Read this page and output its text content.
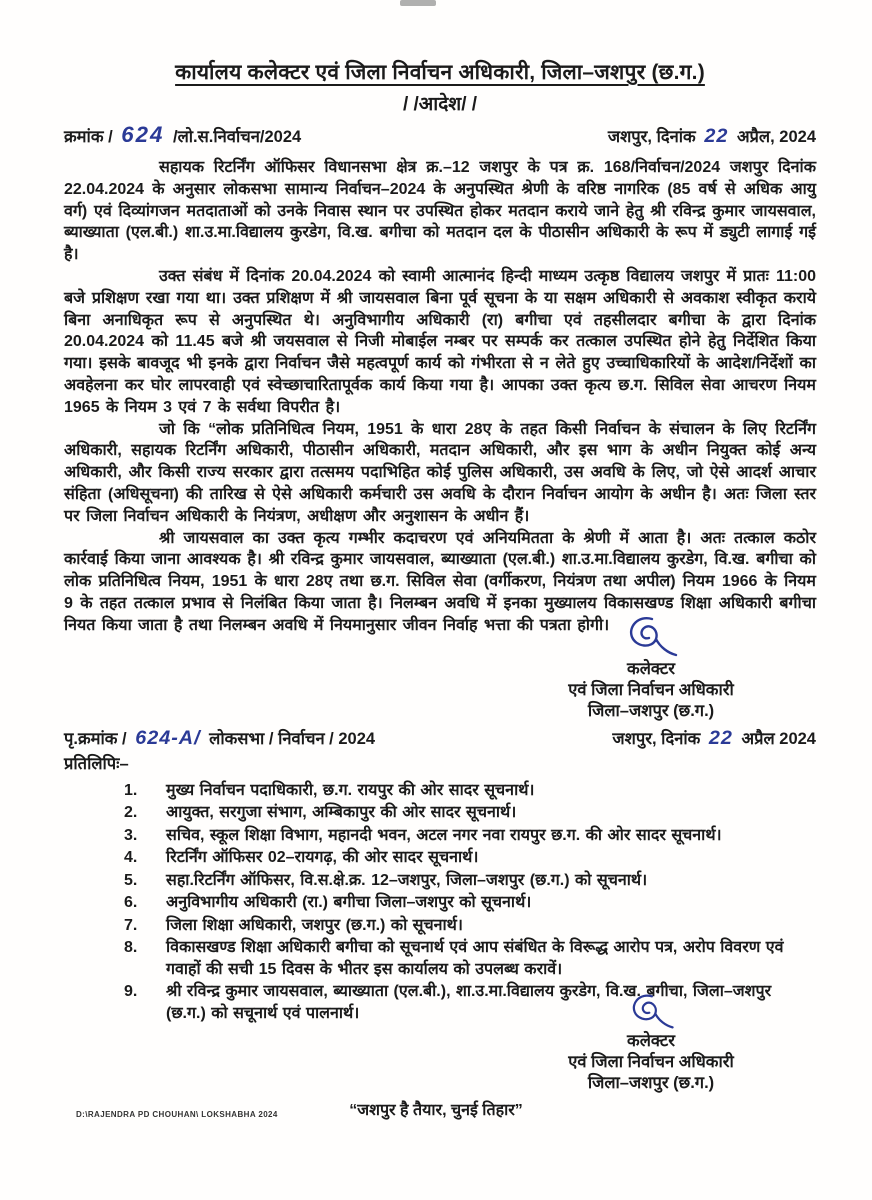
कार्यालय कलेक्टर एवं जिला निर्वाचन अधिकारी, जिला–जशपुर (छ.ग.)
/ /आदेश/ /
क्रमांक / 624 /लो.स.निर्वाचन/2024	जशपुर, दिनांक 22 अप्रैल, 2024

सहायक रिटर्निंग ऑफिसर विधानसभा क्षेत्र क्र.–12 जशपुर के पत्र क्र. 168/निर्वाचन/2024 जशपुर दिनांक 22.04.2024 के अनुसार लोकसभा सामान्य निर्वाचन–2024 के अनुपस्थित श्रेणी के वरिष्ठ नागरिक (85 वर्ष से अधिक आयु वर्ग) एवं दिव्यांगजन मतदाताओं को उनके निवास स्थान पर उपस्थित होकर मतदान कराये जाने हेतु श्री रविन्द्र कुमार जायसवाल, ब्याख्याता (एल.बी.) शा.उ.मा.विद्यालय कुरडेग, वि.ख. बगीचा को मतदान दल के पीठासीन अधिकारी के रूप में ड्युटी लागाई गई है।

उक्त संबंध में दिनांक 20.04.2024 को स्वामी आत्मानंद हिन्दी माध्यम उत्कृष्ठ विद्यालय जशपुर में प्रातः 11:00 बजे प्रशिक्षण रखा गया था। उक्त प्रशिक्षण में श्री जायसवाल बिना पूर्व सूचना के या सक्षम अधिकारी से अवकाश स्वीकृत कराये बिना अनाधिकृत रूप से अनुपस्थित थे। अनुविभागीय अधिकारी (रा) बगीचा एवं तहसीलदार बगीचा के द्वारा दिनांक 20.04.2024 को 11.45 बजे श्री जयसवाल से निजी मोबाईल नम्बर पर सम्पर्क कर तत्काल उपस्थित होने हेतु निर्देशित किया गया। इसके बावजूद भी इनके द्वारा निर्वाचन जैसे महत्वपूर्ण कार्य को गंभीरता से न लेते हुए उच्चाधिकारियों के आदेश/निर्देशों का अवहेलना कर घोर लापरवाही एवं स्वेच्छाचारितापूर्वक कार्य किया गया है। आपका उक्त कृत्य छ.ग. सिविल सेवा आचरण नियम 1965 के नियम 3 एवं 7 के सर्वथा विपरीत है।

जो कि “लोक प्रतिनिधित्व नियम, 1951 के धारा 28ए के तहत किसी निर्वाचन के संचालन के लिए रिटर्निंग अधिकारी, सहायक रिटर्निंग अधिकारी, पीठासीन अधिकारी, मतदान अधिकारी, और इस भाग के अधीन नियुक्त कोई अन्य अधिकारी, और किसी राज्य सरकार द्वारा तत्समय पदाभिहित कोई पुलिस अधिकारी, उस अवधि के लिए, जो ऐसे आदर्श आचार संहिता (अधिसूचना) की तारिख से ऐसे अधिकारी कर्मचारी उस अवधि के दौरान निर्वाचन आयोग के अधीन है। अतः जिला स्तर पर जिला निर्वाचन अधिकारी के नियंत्रण, अधीक्षण और अनुशासन के अधीन हैं।

श्री जायसवाल का उक्त कृत्य गम्भीर कदाचरण एवं अनियमितता के श्रेणी में आता है। अतः तत्काल कठोर कार्रवाई किया जाना आवश्यक है। श्री रविन्द्र कुमार जायसवाल, ब्याख्याता (एल.बी.) शा.उ.मा.विद्यालय कुरडेग, वि.ख. बगीचा को लोक प्रतिनिधित्व नियम, 1951 के धारा 28ए तथा छ.ग. सिविल सेवा (वर्गीकरण, नियंत्रण तथा अपील) नियम 1966 के नियम 9 के तहत तत्काल प्रभाव से निलंबित किया जाता है। निलम्बन अवधि में इनका मुख्यालय विकासखण्ड शिक्षा अधिकारी बगीचा नियत किया जाता है तथा निलम्बन अवधि में नियमानुसार जीवन निर्वाह भत्ता की पत्रता होगी।

कलेक्टर
एवं जिला निर्वाचन अधिकारी
जिला–जशपुर (छ.ग.)
पृ.क्रमांक / 624-A/ लोकसभा / निर्वाचन / 2024	जशपुर, दिनांक 22 अप्रैल 2024
प्रतिलिपिः–
1.	मुख्य निर्वाचन पदाधिकारी, छ.ग. रायपुर की ओर सादर सूचनार्थ।
2.	आयुक्त, सरगुजा संभाग, अम्बिकापुर की ओर सादर सूचनार्थ।
3.	सचिव, स्कूल शिक्षा विभाग, महानदी भवन, अटल नगर नवा रायपुर छ.ग. की ओर सादर सूचनार्थ।
4.	रिटर्निंग ऑफिसर 02–रायगढ़, की ओर सादर सूचनार्थ।
5.	सहा.रिटर्निंग ऑफिसर, वि.स.क्षे.क्र. 12–जशपुर, जिला–जशपुर (छ.ग.) को सूचनार्थ।
6.	अनुविभागीय अधिकारी (रा.) बगीचा जिला–जशपुर को सूचनार्थ।
7.	जिला शिक्षा अधिकारी, जशपुर (छ.ग.) को सूचनार्थ।
8.	विकासखण्ड शिक्षा अधिकारी बगीचा को सूचनार्थ एवं आप संबंधित के विरूद्ध आरोप पत्र, अरोप विवरण एवं गवाहों की सची 15 दिवस के भीतर इस कार्यालय को उपलब्ध करावें।
9.	श्री रविन्द्र कुमार जायसवाल, ब्याख्याता (एल.बी.), शा.उ.मा.विद्यालय कुरडेग, वि.ख. बगीचा, जिला–जशपुर (छ.ग.) को सचूनार्थ एवं पालनार्थ।
कलेक्टर
एवं जिला निर्वाचन अधिकारी
जिला–जशपुर (छ.ग.)
D:\RAJENDRA PD CHOUHAN\ LOKSHABHA 2024	“जशपुर है तैयार, चुनई तिहार”
